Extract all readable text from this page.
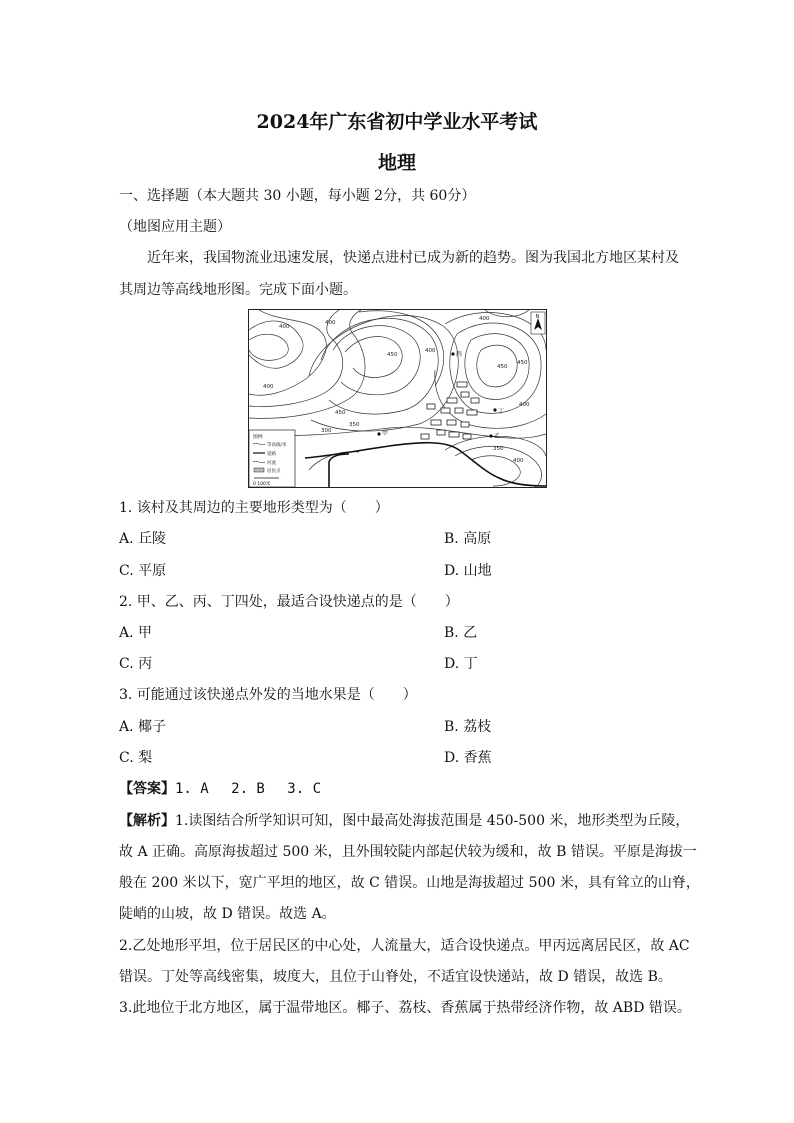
2024年广东省初中学业水平考试
地理
一、选择题（本大题共 30 小题，每小题 2分，共 60分）
（地图应用主题）
近年来，我国物流业迅速发展，快递点进村已成为新的趋势。图为我国北方地区某村及
其周边等高线地形图。完成下面小题。
400
400
400
450
450
400
400
450
450
400
350
300
350
400
甲	乙
丙
丁
N
图例
等高线/米
道路
河流
居民点
0 100米
1. 该村及其周边的主要地形类型为（　　）
A. 丘陵	B. 高原
C. 平原	D. 山地
2. 甲、乙、丙、丁四处，最适合设快递点的是（　　）
A. 甲	B. 乙
C. 丙	D. 丁
3. 可能通过该快递点外发的当地水果是（　　）
A. 椰子	B. 荔枝
C. 梨	D. 香蕉
【答案】1. A　 2. B　 3. C
【解析】1.读图结合所学知识可知，图中最高处海拔范围是 450-500 米，地形类型为丘陵，
故 A 正确。高原海拔超过 500 米，且外围较陡内部起伏较为缓和，故 B 错误。平原是海拔一
般在 200 米以下，宽广平坦的地区，故 C 错误。山地是海拔超过 500 米，具有耸立的山脊，
陡峭的山坡，故 D 错误。故选 A。
2.乙处地形平坦，位于居民区的中心处，人流量大，适合设快递点。甲丙远离居民区，故 AC
错误。丁处等高线密集，坡度大，且位于山脊处，不适宜设快递站，故 D 错误，故选 B。
3.此地位于北方地区，属于温带地区。椰子、荔枝、香蕉属于热带经济作物，故 ABD 错误。
